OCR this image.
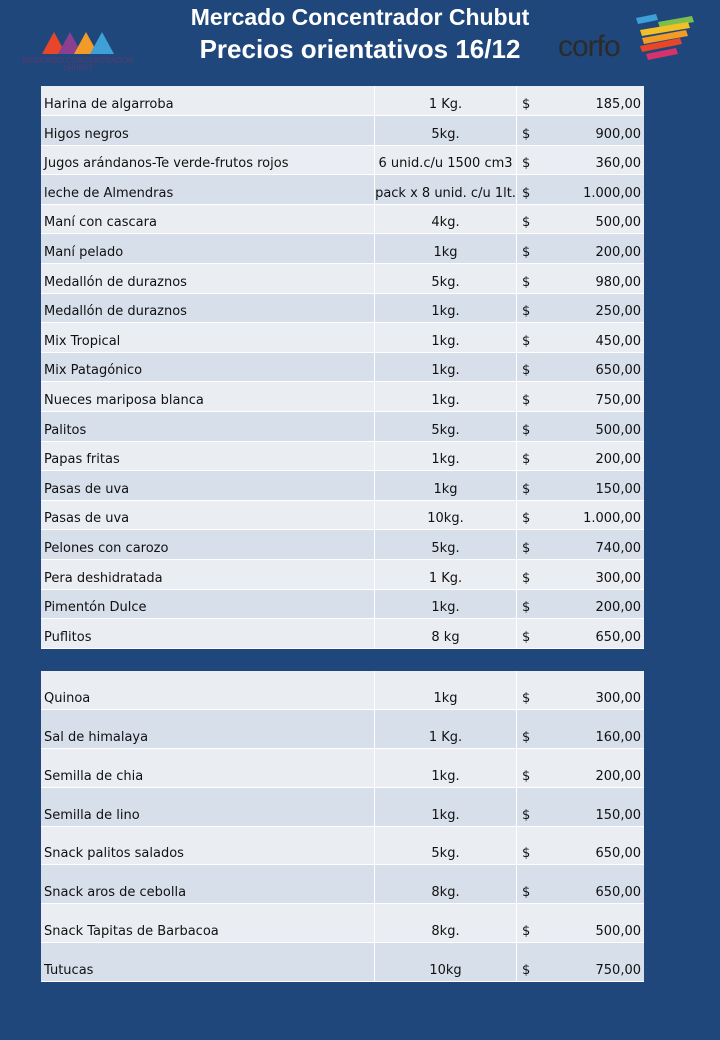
MERCADO CONCENTRADOR
CHUBUT
Mercado Concentrador Chubut
Precios orientativos 16/12	corfo
Harina de algarroba	1 Kg.	$	185,00
Higos negros	5kg.	$	900,00
Jugos arándanos-Te verde-frutos rojos	6 unid.c/u 1500 cm3	$	360,00
leche de Almendras	pack x 8 unid. c/u 1lt.	$	1.000,00
Maní con cascara	4kg.	$	500,00
Maní pelado	1kg	$	200,00
Medallón de duraznos	5kg.	$	980,00
Medallón de duraznos	1kg.	$	250,00
Mix Tropical	1kg.	$	450,00
Mix Patagónico	1kg.	$	650,00
Nueces mariposa blanca	1kg.	$	750,00
Palitos	5kg.	$	500,00
Papas fritas	1kg.	$	200,00
Pasas de uva	1kg	$	150,00
Pasas de uva	10kg.	$	1.000,00
Pelones con carozo	5kg.	$	740,00
Pera deshidratada	1 Kg.	$	300,00
Pimentón Dulce	1kg.	$	200,00
Puflitos	8 kg	$	650,00
Quinoa	1kg	$	300,00
Sal de himalaya	1 Kg.	$	160,00
Semilla de chia	1kg.	$	200,00
Semilla de lino	1kg.	$	150,00
Snack palitos salados	5kg.	$	650,00
Snack aros de cebolla	8kg.	$	650,00
Snack Tapitas de Barbacoa	8kg.	$	500,00
Tutucas	10kg	$	750,00
